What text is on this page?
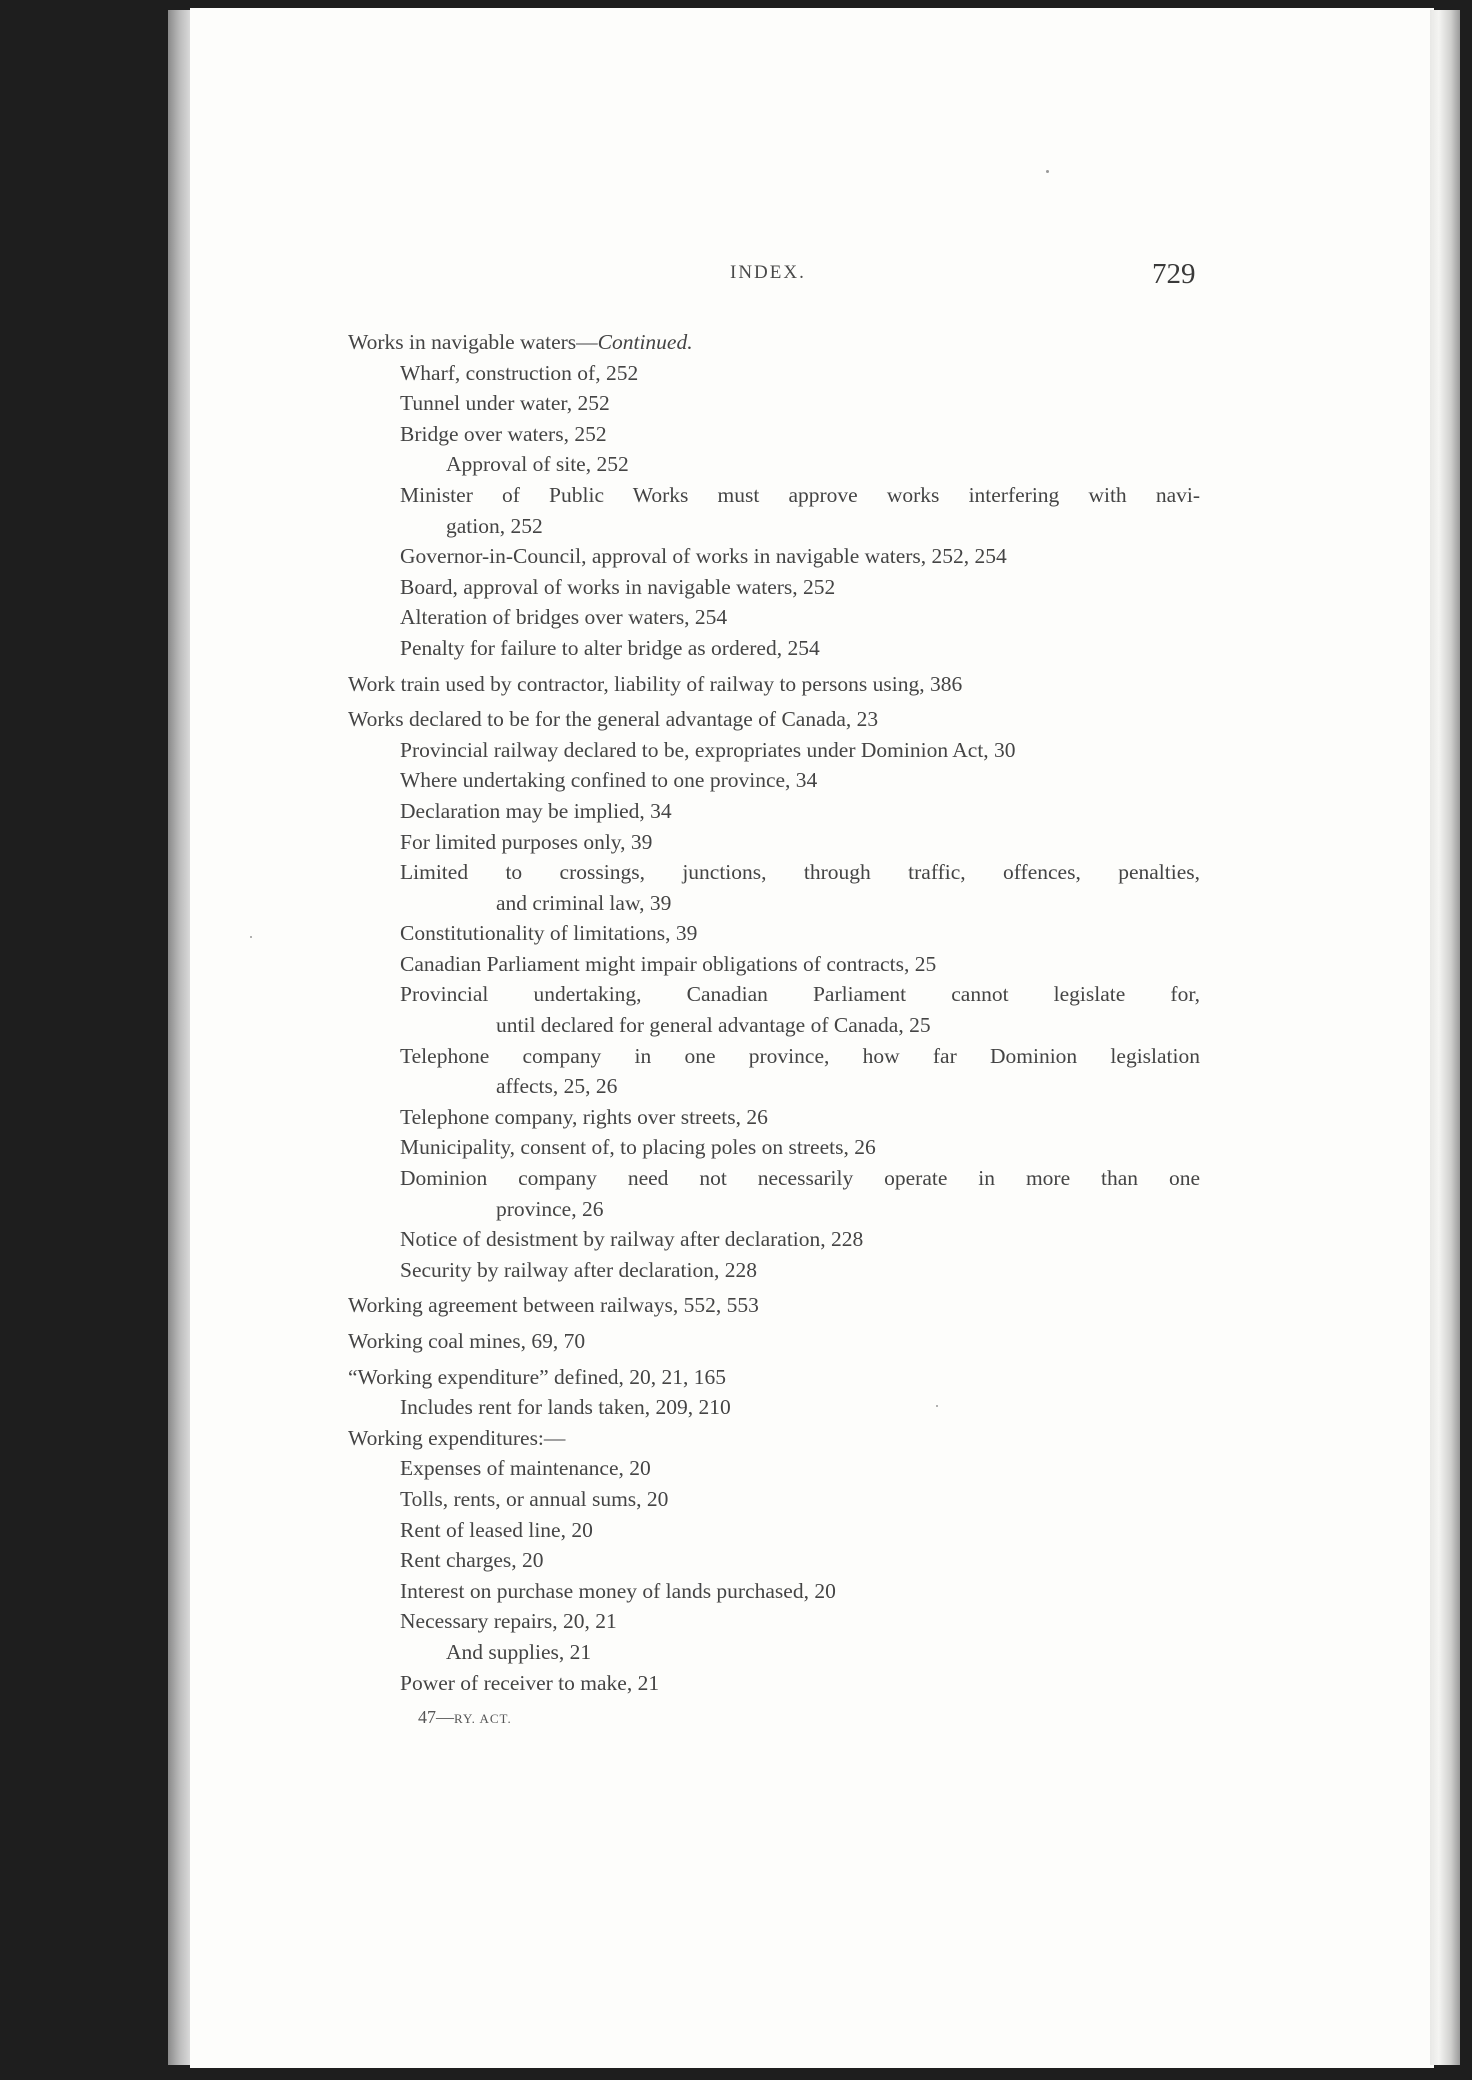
INDEX.	729
Works in navigable waters—Continued.
Wharf, construction of, 252
Tunnel under water, 252
Bridge over waters, 252
Approval of site, 252
Minister of Public Works must approve works interfering with navi-
gation, 252
Governor-in-Council, approval of works in navigable waters, 252, 254
Board, approval of works in navigable waters, 252
Alteration of bridges over waters, 254
Penalty for failure to alter bridge as ordered, 254
Work train used by contractor, liability of railway to persons using, 386
Works declared to be for the general advantage of Canada, 23
Provincial railway declared to be, expropriates under Dominion Act, 30
Where undertaking confined to one province, 34
Declaration may be implied, 34
For limited purposes only, 39
Limited to crossings, junctions, through traffic, offences, penalties,
and criminal law, 39
Constitutionality of limitations, 39
Canadian Parliament might impair obligations of contracts, 25
Provincial undertaking, Canadian Parliament cannot legislate for,
until declared for general advantage of Canada, 25
Telephone company in one province, how far Dominion legislation
affects, 25, 26
Telephone company, rights over streets, 26
Municipality, consent of, to placing poles on streets, 26
Dominion company need not necessarily operate in more than one
province, 26
Notice of desistment by railway after declaration, 228
Security by railway after declaration, 228
Working agreement between railways, 552, 553
Working coal mines, 69, 70
“Working expenditure” defined, 20, 21, 165
Includes rent for lands taken, 209, 210
Working expenditures:—
Expenses of maintenance, 20
Tolls, rents, or annual sums, 20
Rent of leased line, 20
Rent charges, 20
Interest on purchase money of lands purchased, 20
Necessary repairs, 20, 21
And supplies, 21
Power of receiver to make, 21
47—RY. ACT.
